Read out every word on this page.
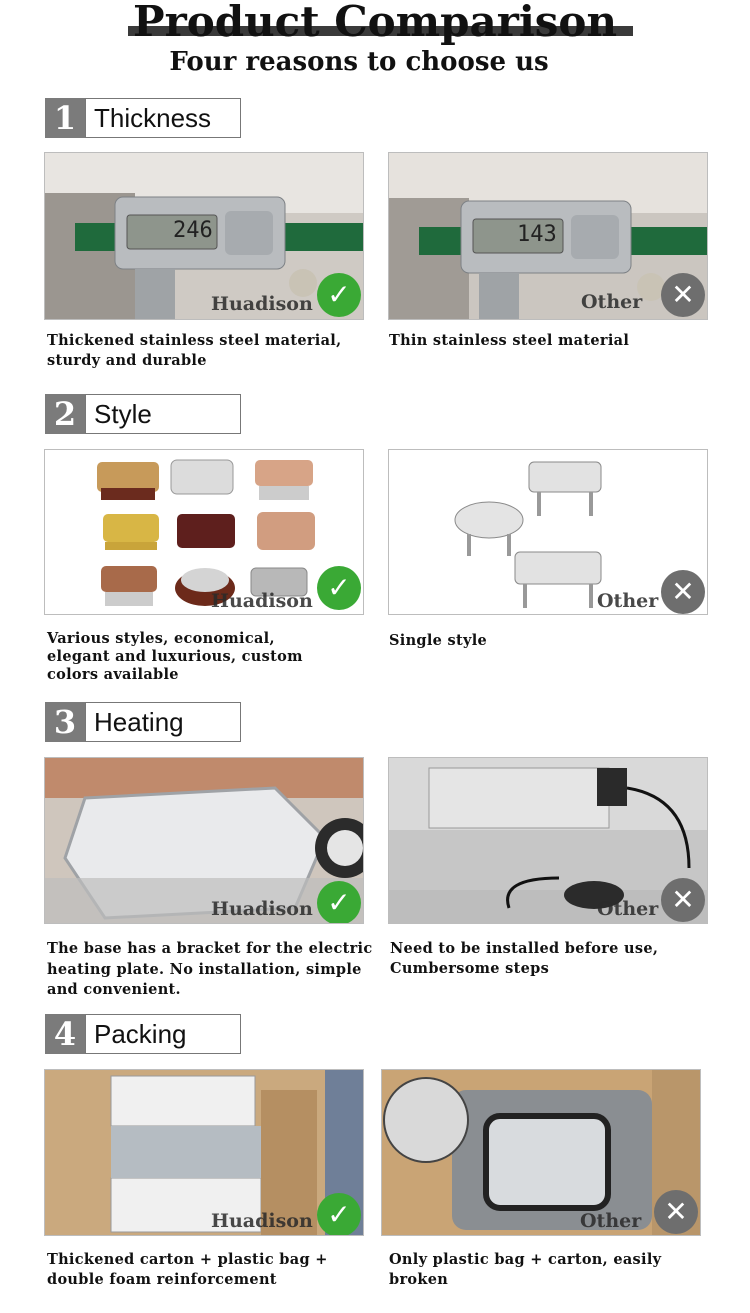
Product Comparison
Four reasons to choose us
1 Thickness
246
Huadison ✓
143
Other	✕
Thickened stainless steel material, sturdy and durable
Thin stainless steel material
2 Style
Huadison ✓	Other ✕
Various styles, economical, elegant and luxurious, custom colors available
Single style
3 Heating
Huadison ✓	Other ✕
The base has a bracket for the electric heating plate. No installation, simple and convenient.
Need to be installed before use, Cumbersome steps
4 Packing
Huadison ✓	Other ✕
Thickened carton + plastic bag + double foam reinforcement
Only plastic bag + carton, easily broken
